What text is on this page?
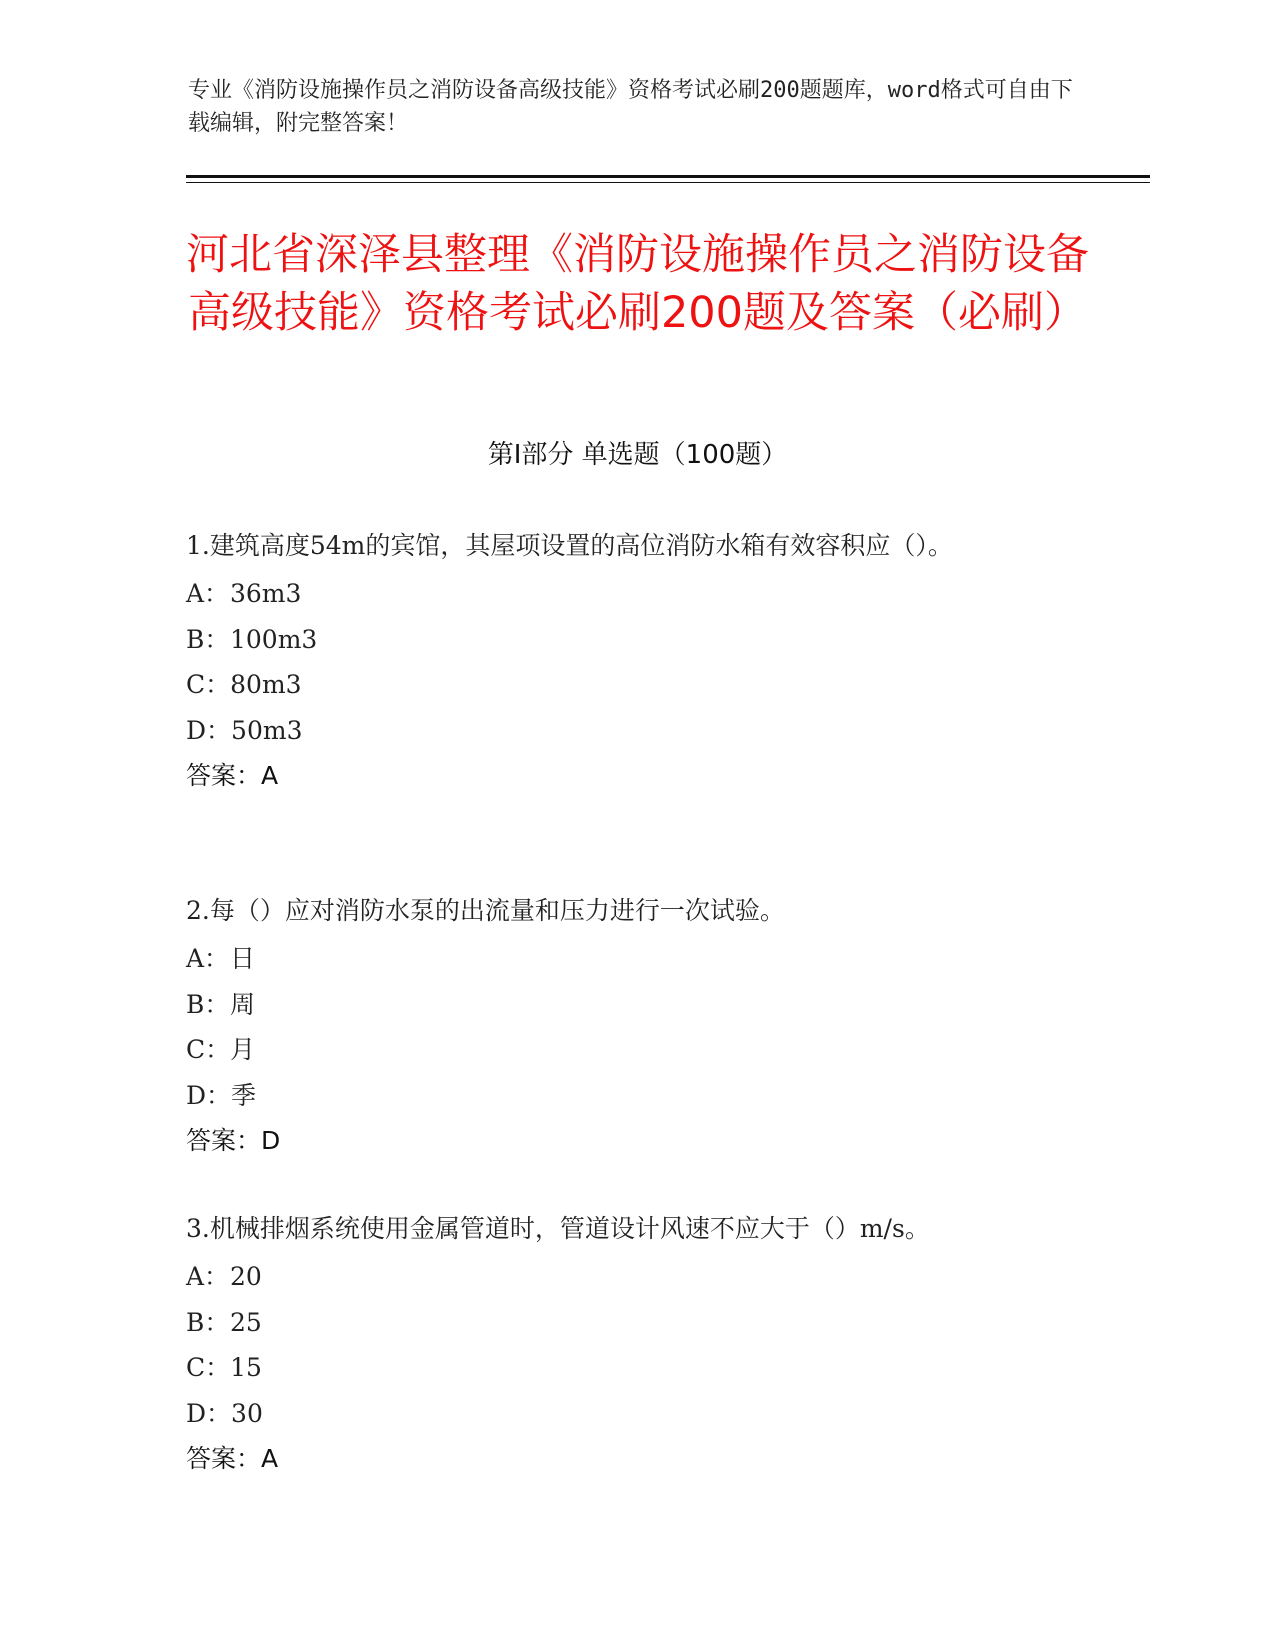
专业《消防设施操作员之消防设备高级技能》资格考试必刷200题题库，word格式可自由下载编辑，附完整答案！
河北省深泽县整理《消防设施操作员之消防设备高级技能》资格考试必刷200题及答案（必刷）
第Ⅰ部分 单选题（100题）

1.建筑高度54m的宾馆，其屋项设置的高位消防水箱有效容积应（）。

A：36m3

B：100m3

C：80m3

D：50m3

答案：A

2.每（）应对消防水泵的出流量和压力进行一次试验。

A：日

B：周

C：月

D：季

答案：D

3.机械排烟系统使用金属管道时，管道设计风速不应大于（）m/s。

A：20

B：25

C：15

D：30

答案：A
